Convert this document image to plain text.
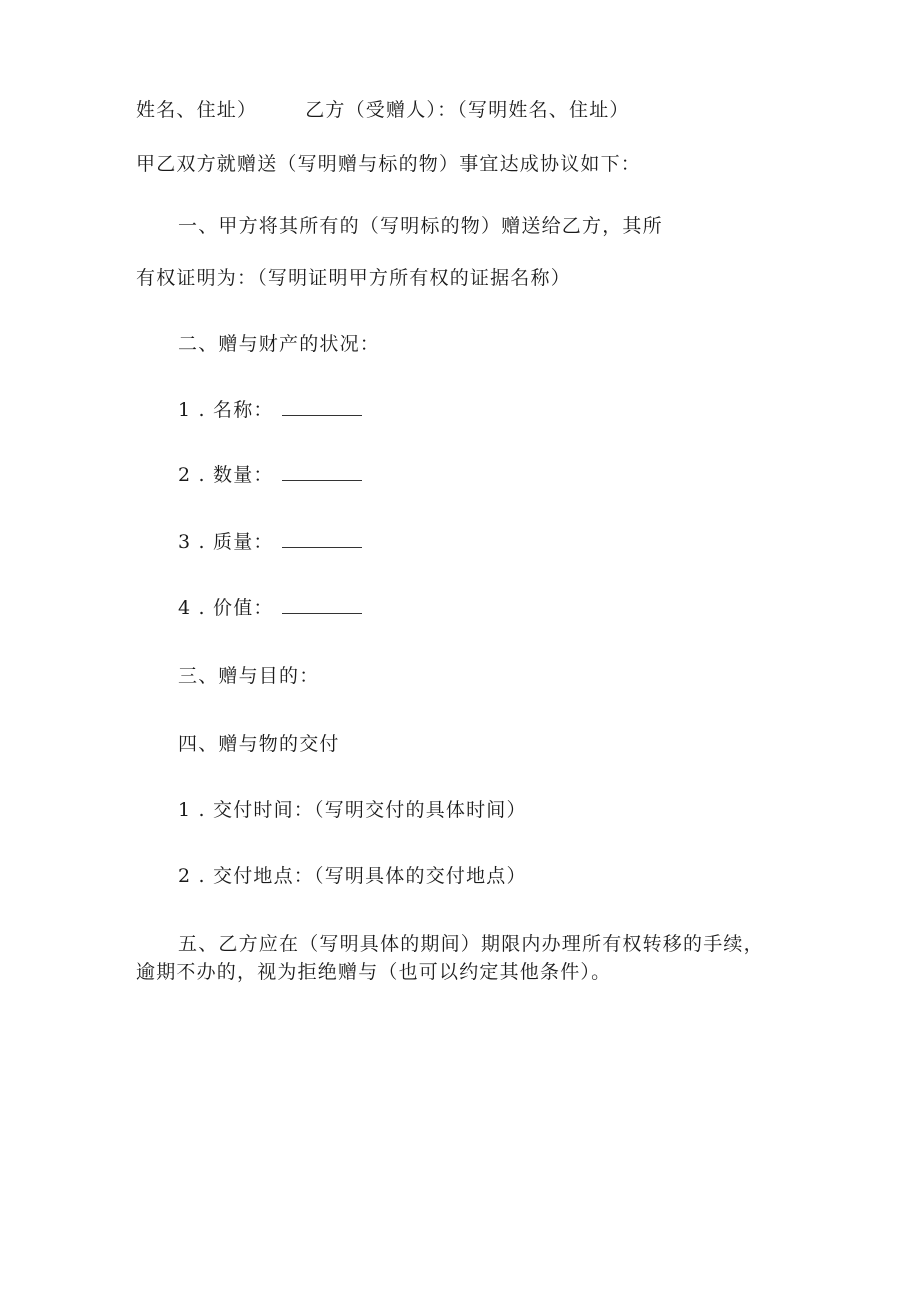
姓名、住址）	乙方（受赠人）：（写明姓名、住址）
甲乙双方就赠送（写明赠与标的物）事宜达成协议如下：
一、甲方将其所有的（写明标的物）赠送给乙方，其所
有权证明为：（写明证明甲方所有权的证据名称）
二、赠与财产的状况：
1 . 名称：
2 . 数量：
3 . 质量：
4 . 价值：
三、赠与目的：
四、赠与物的交付
1 . 交付时间：（写明交付的具体时间）
2 . 交付地点：（写明具体的交付地点）
五、乙方应在（写明具体的期间）期限内办理所有权转移的手续，
逾期不办的，视为拒绝赠与（也可以约定其他条件）。
